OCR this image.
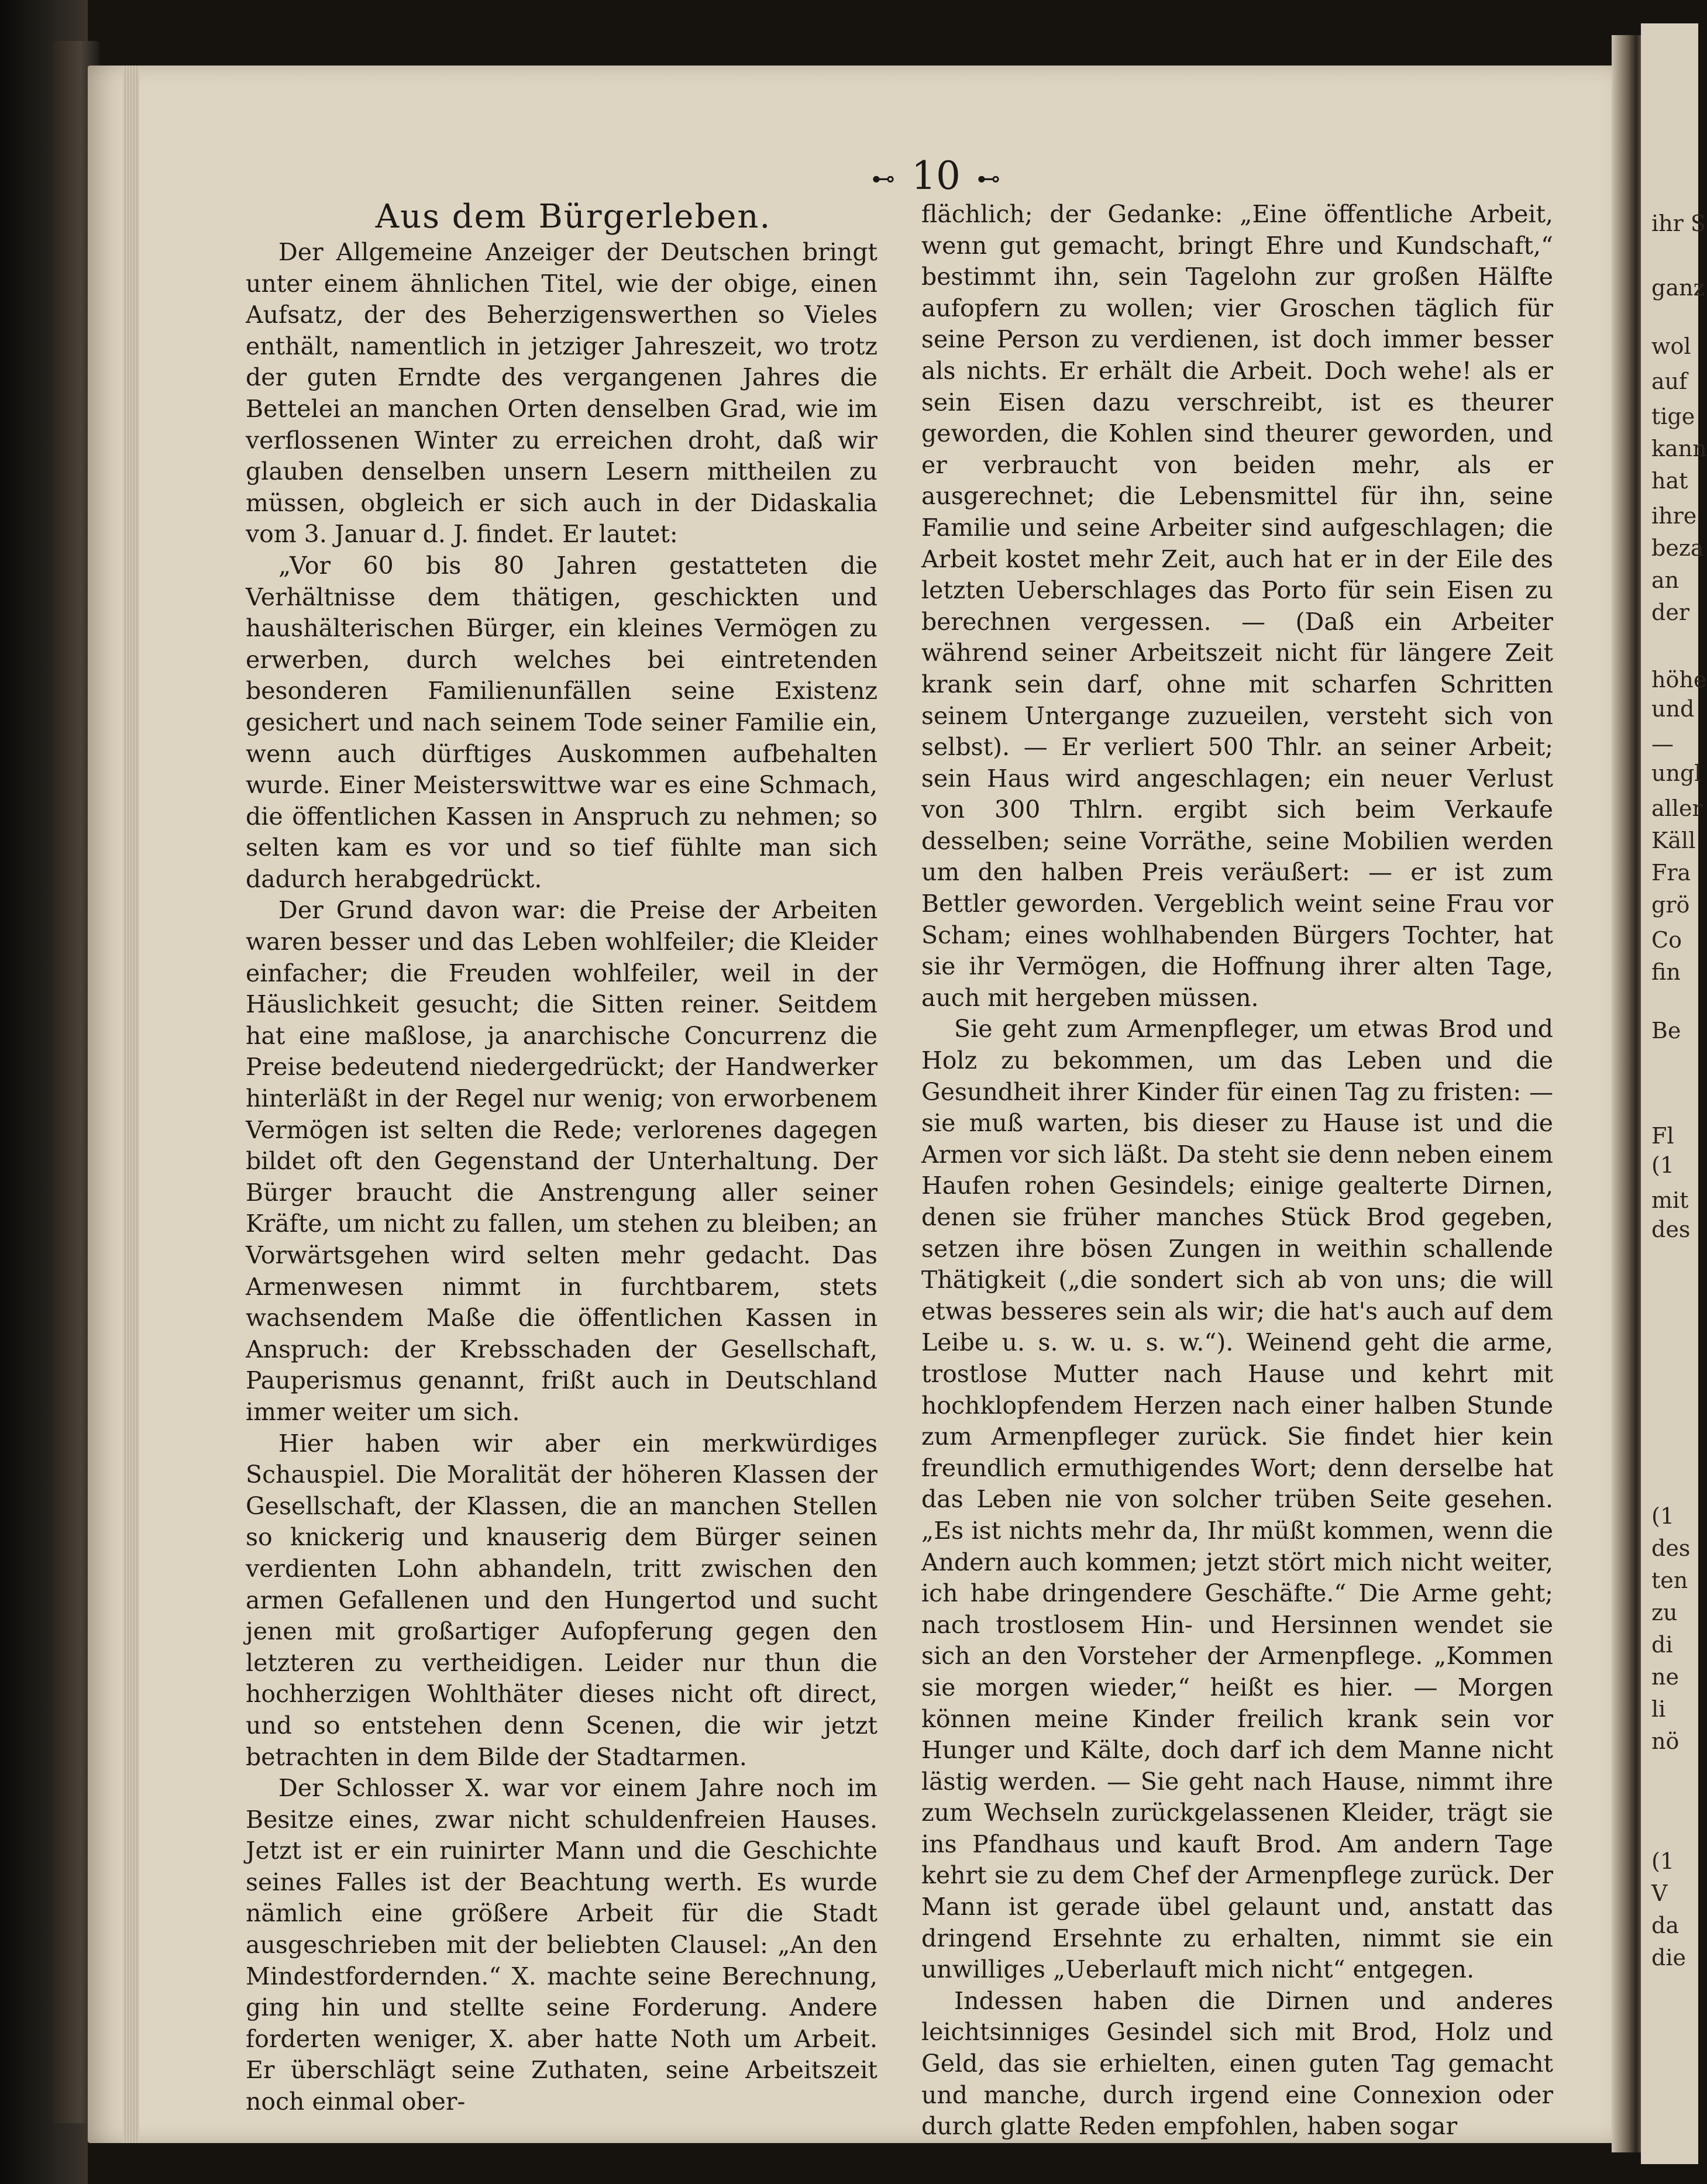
ihr S
ganz
wol
auf
tige
kann
hat
ihre
beza
an
der
höhe
und
—
ungl
aller
Käll
Fra
grö
Co
fin
Be
Fl
(1
mit
des
(1
des
ten
zu
di
ne
li
nö
(1
V
da
die
⊷ 10 ⊷
Aus dem Bürgerleben.

Der Allgemeine Anzeiger der Deutschen bringt unter einem ähnlichen Titel, wie der obige, einen Aufsatz, der des Beherzigenswerthen so Vieles enthält, namentlich in jetziger Jahreszeit, wo trotz der guten Erndte des vergangenen Jahres die Bettelei an manchen Orten denselben Grad, wie im verflossenen Winter zu erreichen droht, daß wir glauben denselben unsern Lesern mittheilen zu müssen, obgleich er sich auch in der Didaskalia vom 3. Januar d. J. findet. Er lautet:

„Vor 60 bis 80 Jahren gestatteten die Verhältnisse dem thätigen, geschickten und haushälterischen Bürger, ein kleines Vermögen zu erwerben, durch welches bei eintretenden besonderen Familienunfällen seine Existenz gesichert und nach seinem Tode seiner Familie ein, wenn auch dürftiges Auskommen aufbehalten wurde. Einer Meisterswittwe war es eine Schmach, die öffentlichen Kassen in Anspruch zu nehmen; so selten kam es vor und so tief fühlte man sich dadurch herabgedrückt.

Der Grund davon war: die Preise der Arbeiten waren besser und das Leben wohlfeiler; die Kleider einfacher; die Freuden wohlfeiler, weil in der Häuslichkeit gesucht; die Sitten reiner. Seitdem hat eine maßlose, ja anarchische Concurrenz die Preise bedeutend niedergedrückt; der Handwerker hinterläßt in der Regel nur wenig; von erworbenem Vermögen ist selten die Rede; verlorenes dagegen bildet oft den Gegenstand der Unterhaltung. Der Bürger braucht die Anstrengung aller seiner Kräfte, um nicht zu fallen, um stehen zu bleiben; an Vorwärtsgehen wird selten mehr gedacht. Das Armenwesen nimmt in furchtbarem, stets wachsendem Maße die öffentlichen Kassen in Anspruch: der Krebsschaden der Gesellschaft, Pauperismus genannt, frißt auch in Deutschland immer weiter um sich.

Hier haben wir aber ein merkwürdiges Schauspiel. Die Moralität der höheren Klassen der Gesellschaft, der Klassen, die an manchen Stellen so knickerig und knauserig dem Bürger seinen verdienten Lohn abhandeln, tritt zwischen den armen Gefallenen und den Hungertod und sucht jenen mit großartiger Aufopferung gegen den letzteren zu vertheidigen. Leider nur thun die hochherzigen Wohlthäter dieses nicht oft direct, und so entstehen denn Scenen, die wir jetzt betrachten in dem Bilde der Stadtarmen.

Der Schlosser X. war vor einem Jahre noch im Besitze eines, zwar nicht schuldenfreien Hauses. Jetzt ist er ein ruinirter Mann und die Geschichte seines Falles ist der Beachtung werth. Es wurde nämlich eine größere Arbeit für die Stadt ausgeschrieben mit der beliebten Clausel: „An den Mindestfordernden.“ X. machte seine Berechnung, ging hin und stellte seine Forderung. Andere forderten weniger, X. aber hatte Noth um Arbeit. Er überschlägt seine Zuthaten, seine Arbeitszeit noch einmal ober-

flächlich; der Gedanke: „Eine öffentliche Arbeit, wenn gut gemacht, bringt Ehre und Kundschaft,“ bestimmt ihn, sein Tagelohn zur großen Hälfte aufopfern zu wollen; vier Groschen täglich für seine Person zu verdienen, ist doch immer besser als nichts. Er erhält die Arbeit. Doch wehe! als er sein Eisen dazu verschreibt, ist es theurer geworden, die Kohlen sind theurer geworden, und er verbraucht von beiden mehr, als er ausgerechnet; die Lebensmittel für ihn, seine Familie und seine Arbeiter sind aufgeschlagen; die Arbeit kostet mehr Zeit, auch hat er in der Eile des letzten Ueberschlages das Porto für sein Eisen zu berechnen vergessen. — (Daß ein Arbeiter während seiner Arbeitszeit nicht für längere Zeit krank sein darf, ohne mit scharfen Schritten seinem Untergange zuzueilen, versteht sich von selbst). — Er verliert 500 Thlr. an seiner Arbeit; sein Haus wird angeschlagen; ein neuer Verlust von 300 Thlrn. ergibt sich beim Verkaufe desselben; seine Vorräthe, seine Mobilien werden um den halben Preis veräußert: — er ist zum Bettler geworden. Vergeblich weint seine Frau vor Scham; eines wohlhabenden Bürgers Tochter, hat sie ihr Vermögen, die Hoffnung ihrer alten Tage, auch mit hergeben müssen.

Sie geht zum Armenpfleger, um etwas Brod und Holz zu bekommen, um das Leben und die Gesundheit ihrer Kinder für einen Tag zu fristen: — sie muß warten, bis dieser zu Hause ist und die Armen vor sich läßt. Da steht sie denn neben einem Haufen rohen Gesindels; einige gealterte Dirnen, denen sie früher manches Stück Brod gegeben, setzen ihre bösen Zungen in weithin schallende Thätigkeit („die sondert sich ab von uns; die will etwas besseres sein als wir; die hat's auch auf dem Leibe u. s. w. u. s. w.“). Weinend geht die arme, trostlose Mutter nach Hause und kehrt mit hochklopfendem Herzen nach einer halben Stunde zum Armenpfleger zurück. Sie findet hier kein freundlich ermuthigendes Wort; denn derselbe hat das Leben nie von solcher trüben Seite gesehen. „Es ist nichts mehr da, Ihr müßt kommen, wenn die Andern auch kommen; jetzt stört mich nicht weiter, ich habe dringendere Geschäfte.“ Die Arme geht; nach trostlosem Hin- und Hersinnen wendet sie sich an den Vorsteher der Armenpflege. „Kommen sie morgen wieder,“ heißt es hier. — Morgen können meine Kinder freilich krank sein vor Hunger und Kälte, doch darf ich dem Manne nicht lästig werden. — Sie geht nach Hause, nimmt ihre zum Wechseln zurückgelassenen Kleider, trägt sie ins Pfandhaus und kauft Brod. Am andern Tage kehrt sie zu dem Chef der Armenpflege zurück. Der Mann ist gerade übel gelaunt und, anstatt das dringend Ersehnte zu erhalten, nimmt sie ein unwilliges „Ueberlauft mich nicht“ entgegen.

Indessen haben die Dirnen und anderes leichtsinniges Gesindel sich mit Brod, Holz und Geld, das sie erhielten, einen guten Tag gemacht und manche, durch irgend eine Connexion oder durch glatte Reden empfohlen, haben sogar
